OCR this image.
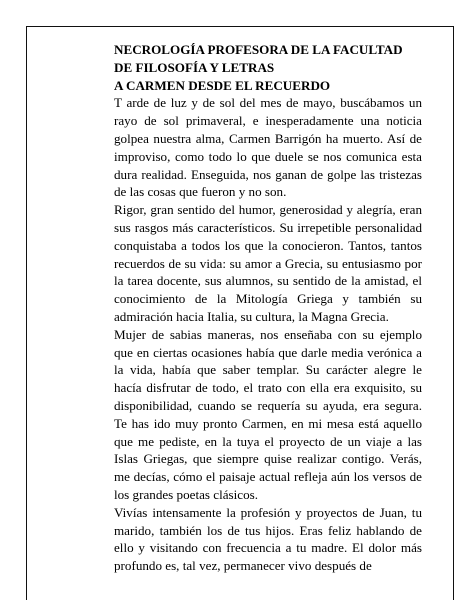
NECROLOGÍA PROFESORA DE LA FACULTAD
DE FILOSOFÍA Y LETRAS
A CARMEN DESDE EL RECUERDO

T arde de luz y de sol del mes de mayo, buscábamos un rayo de sol primaveral, e inesperadamente una noticia golpea nuestra alma, Carmen Barrigón ha muerto. Así de improviso, como todo lo que duele se nos comunica esta dura realidad. Enseguida, nos ganan de golpe las tristezas de las cosas que fueron y no son.

Rigor, gran sentido del humor, generosidad y alegría, eran sus rasgos más característicos. Su irrepetible personalidad conquistaba a todos los que la conocieron. Tantos, tantos recuerdos de su vida: su amor a Grecia, su entusiasmo por la tarea docente, sus alumnos, su sentido de la amistad, el conocimiento de la Mitología Griega y también su admiración hacia Italia, su cultura, la Magna Grecia.

Mujer de sabias maneras, nos enseñaba con su ejemplo que en ciertas ocasiones había que darle media verónica a la vida, había que saber templar. Su carácter alegre le hacía disfrutar de todo, el trato con ella era exquisito, su disponibilidad, cuando se requería su ayuda, era segura. Te has ido muy pronto Carmen, en mi mesa está aquello que me pediste, en la tuya el proyecto de un viaje a las Islas Griegas, que siempre quise realizar contigo. Verás, me decías, cómo el paisaje actual refleja aún los versos de los grandes poetas clásicos.

Vivías intensamente la profesión y proyectos de Juan, tu marido, también los de tus hijos. Eras feliz hablando de ello y visitando con frecuencia a tu madre. El dolor más profundo es, tal vez, permanecer vivo después de
